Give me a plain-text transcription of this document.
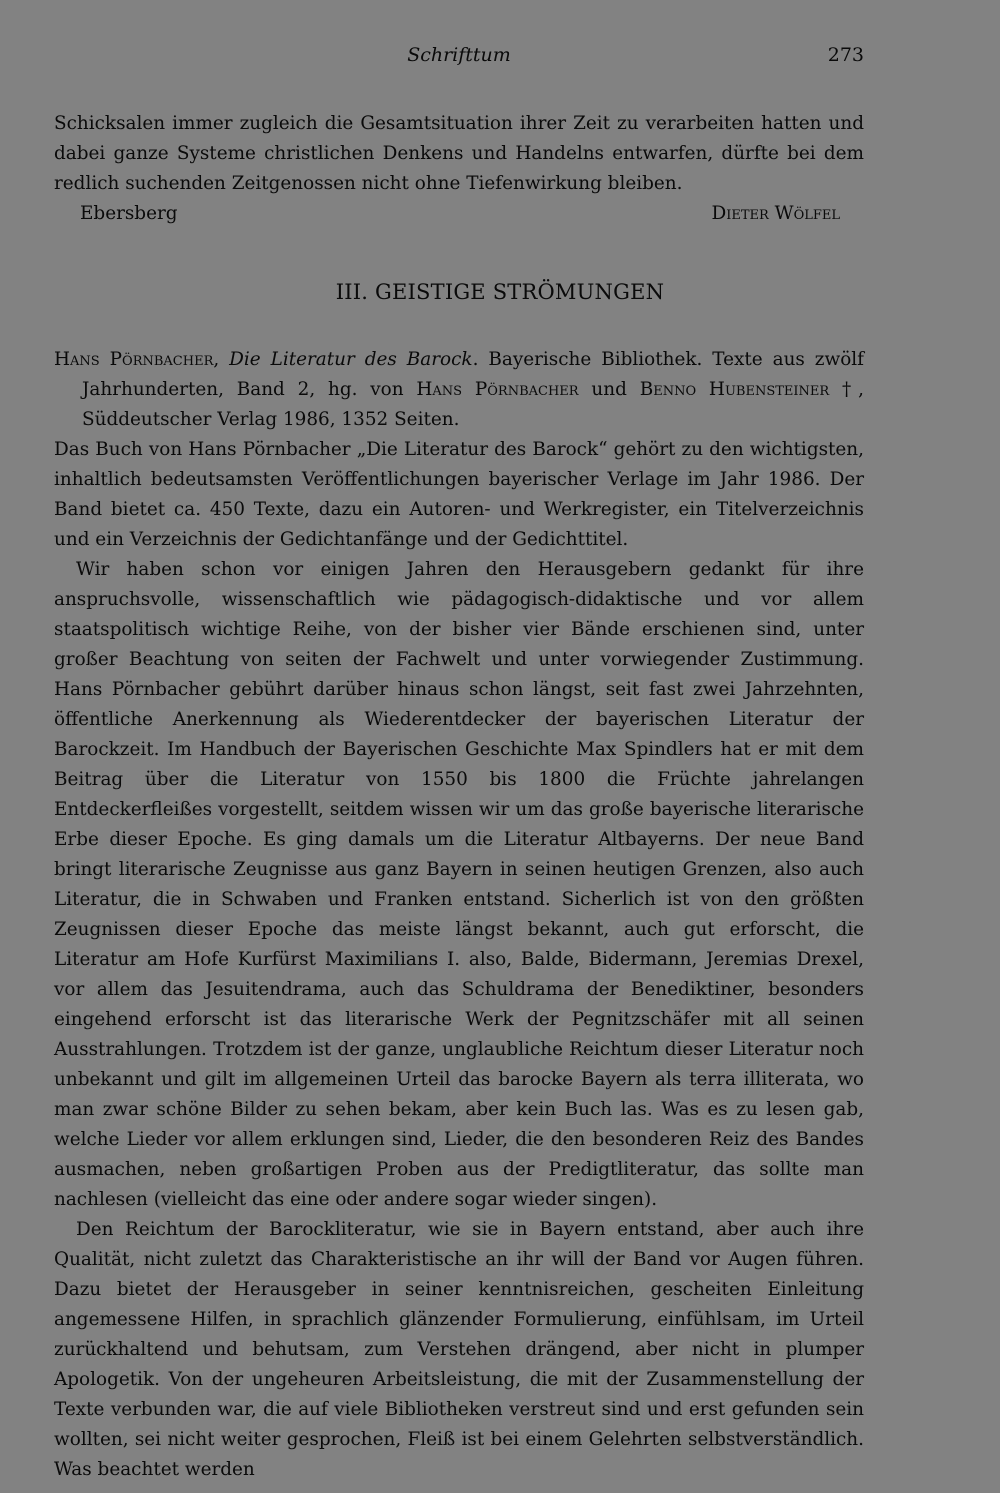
Schrifttum	273

Schicksalen immer zugleich die Gesamtsituation ihrer Zeit zu verarbeiten hatten und dabei ganze Systeme christlichen Denkens und Handelns entwarfen, dürfte bei dem redlich suchenden Zeitgenossen nicht ohne Tiefenwirkung bleiben.

Ebersberg	Dieter Wölfel
III. GEISTIGE STRÖMUNGEN

Hans Pörnbacher, Die Literatur des Barock. Bayerische Bibliothek. Texte aus zwölf Jahrhunderten, Band 2, hg. von Hans Pörnbacher und Benno Hubensteiner †, Süddeutscher Verlag 1986, 1352 Seiten.

Das Buch von Hans Pörnbacher „Die Literatur des Barock“ gehört zu den wichtigsten, inhaltlich bedeutsamsten Veröffentlichungen bayerischer Verlage im Jahr 1986. Der Band bietet ca. 450 Texte, dazu ein Autoren- und Werkregister, ein Titelverzeichnis und ein Verzeichnis der Gedichtanfänge und der Gedichttitel.

Wir haben schon vor einigen Jahren den Herausgebern gedankt für ihre anspruchsvolle, wissenschaftlich wie pädagogisch-didaktische und vor allem staatspolitisch wichtige Reihe, von der bisher vier Bände erschienen sind, unter großer Beachtung von seiten der Fachwelt und unter vorwiegender Zustimmung. Hans Pörnbacher gebührt darüber hinaus schon längst, seit fast zwei Jahrzehnten, öffentliche Anerkennung als Wiederentdecker der bayerischen Literatur der Barockzeit. Im Handbuch der Bayerischen Geschichte Max Spindlers hat er mit dem Beitrag über die Literatur von 1550 bis 1800 die Früchte jahrelangen Entdeckerfleißes vorgestellt, seitdem wissen wir um das große bayerische literarische Erbe dieser Epoche. Es ging damals um die Literatur Altbayerns. Der neue Band bringt literarische Zeugnisse aus ganz Bayern in seinen heutigen Grenzen, also auch Literatur, die in Schwaben und Franken entstand. Sicherlich ist von den größten Zeugnissen dieser Epoche das meiste längst bekannt, auch gut erforscht, die Literatur am Hofe Kurfürst Maximilians I. also, Balde, Bidermann, Jeremias Drexel, vor allem das Jesuitendrama, auch das Schuldrama der Benediktiner, besonders eingehend erforscht ist das literarische Werk der Pegnitzschäfer mit all seinen Ausstrahlungen. Trotzdem ist der ganze, unglaubliche Reichtum dieser Literatur noch unbekannt und gilt im allgemeinen Urteil das barocke Bayern als terra illiterata, wo man zwar schöne Bilder zu sehen bekam, aber kein Buch las. Was es zu lesen gab, welche Lieder vor allem erklungen sind, Lieder, die den besonderen Reiz des Bandes ausmachen, neben großartigen Proben aus der Predigtliteratur, das sollte man nachlesen (vielleicht das eine oder andere sogar wieder singen).

Den Reichtum der Barockliteratur, wie sie in Bayern entstand, aber auch ihre Qualität, nicht zuletzt das Charakteristische an ihr will der Band vor Augen führen. Dazu bietet der Herausgeber in seiner kenntnisreichen, gescheiten Einleitung angemessene Hilfen, in sprachlich glänzender Formulierung, einfühlsam, im Urteil zurückhaltend und behutsam, zum Verstehen drängend, aber nicht in plumper Apologetik. Von der ungeheuren Arbeitsleistung, die mit der Zusammenstellung der Texte verbunden war, die auf viele Bibliotheken verstreut sind und erst gefunden sein wollten, sei nicht weiter gesprochen, Fleiß ist bei einem Gelehrten selbstverständlich. Was beachtet werden
